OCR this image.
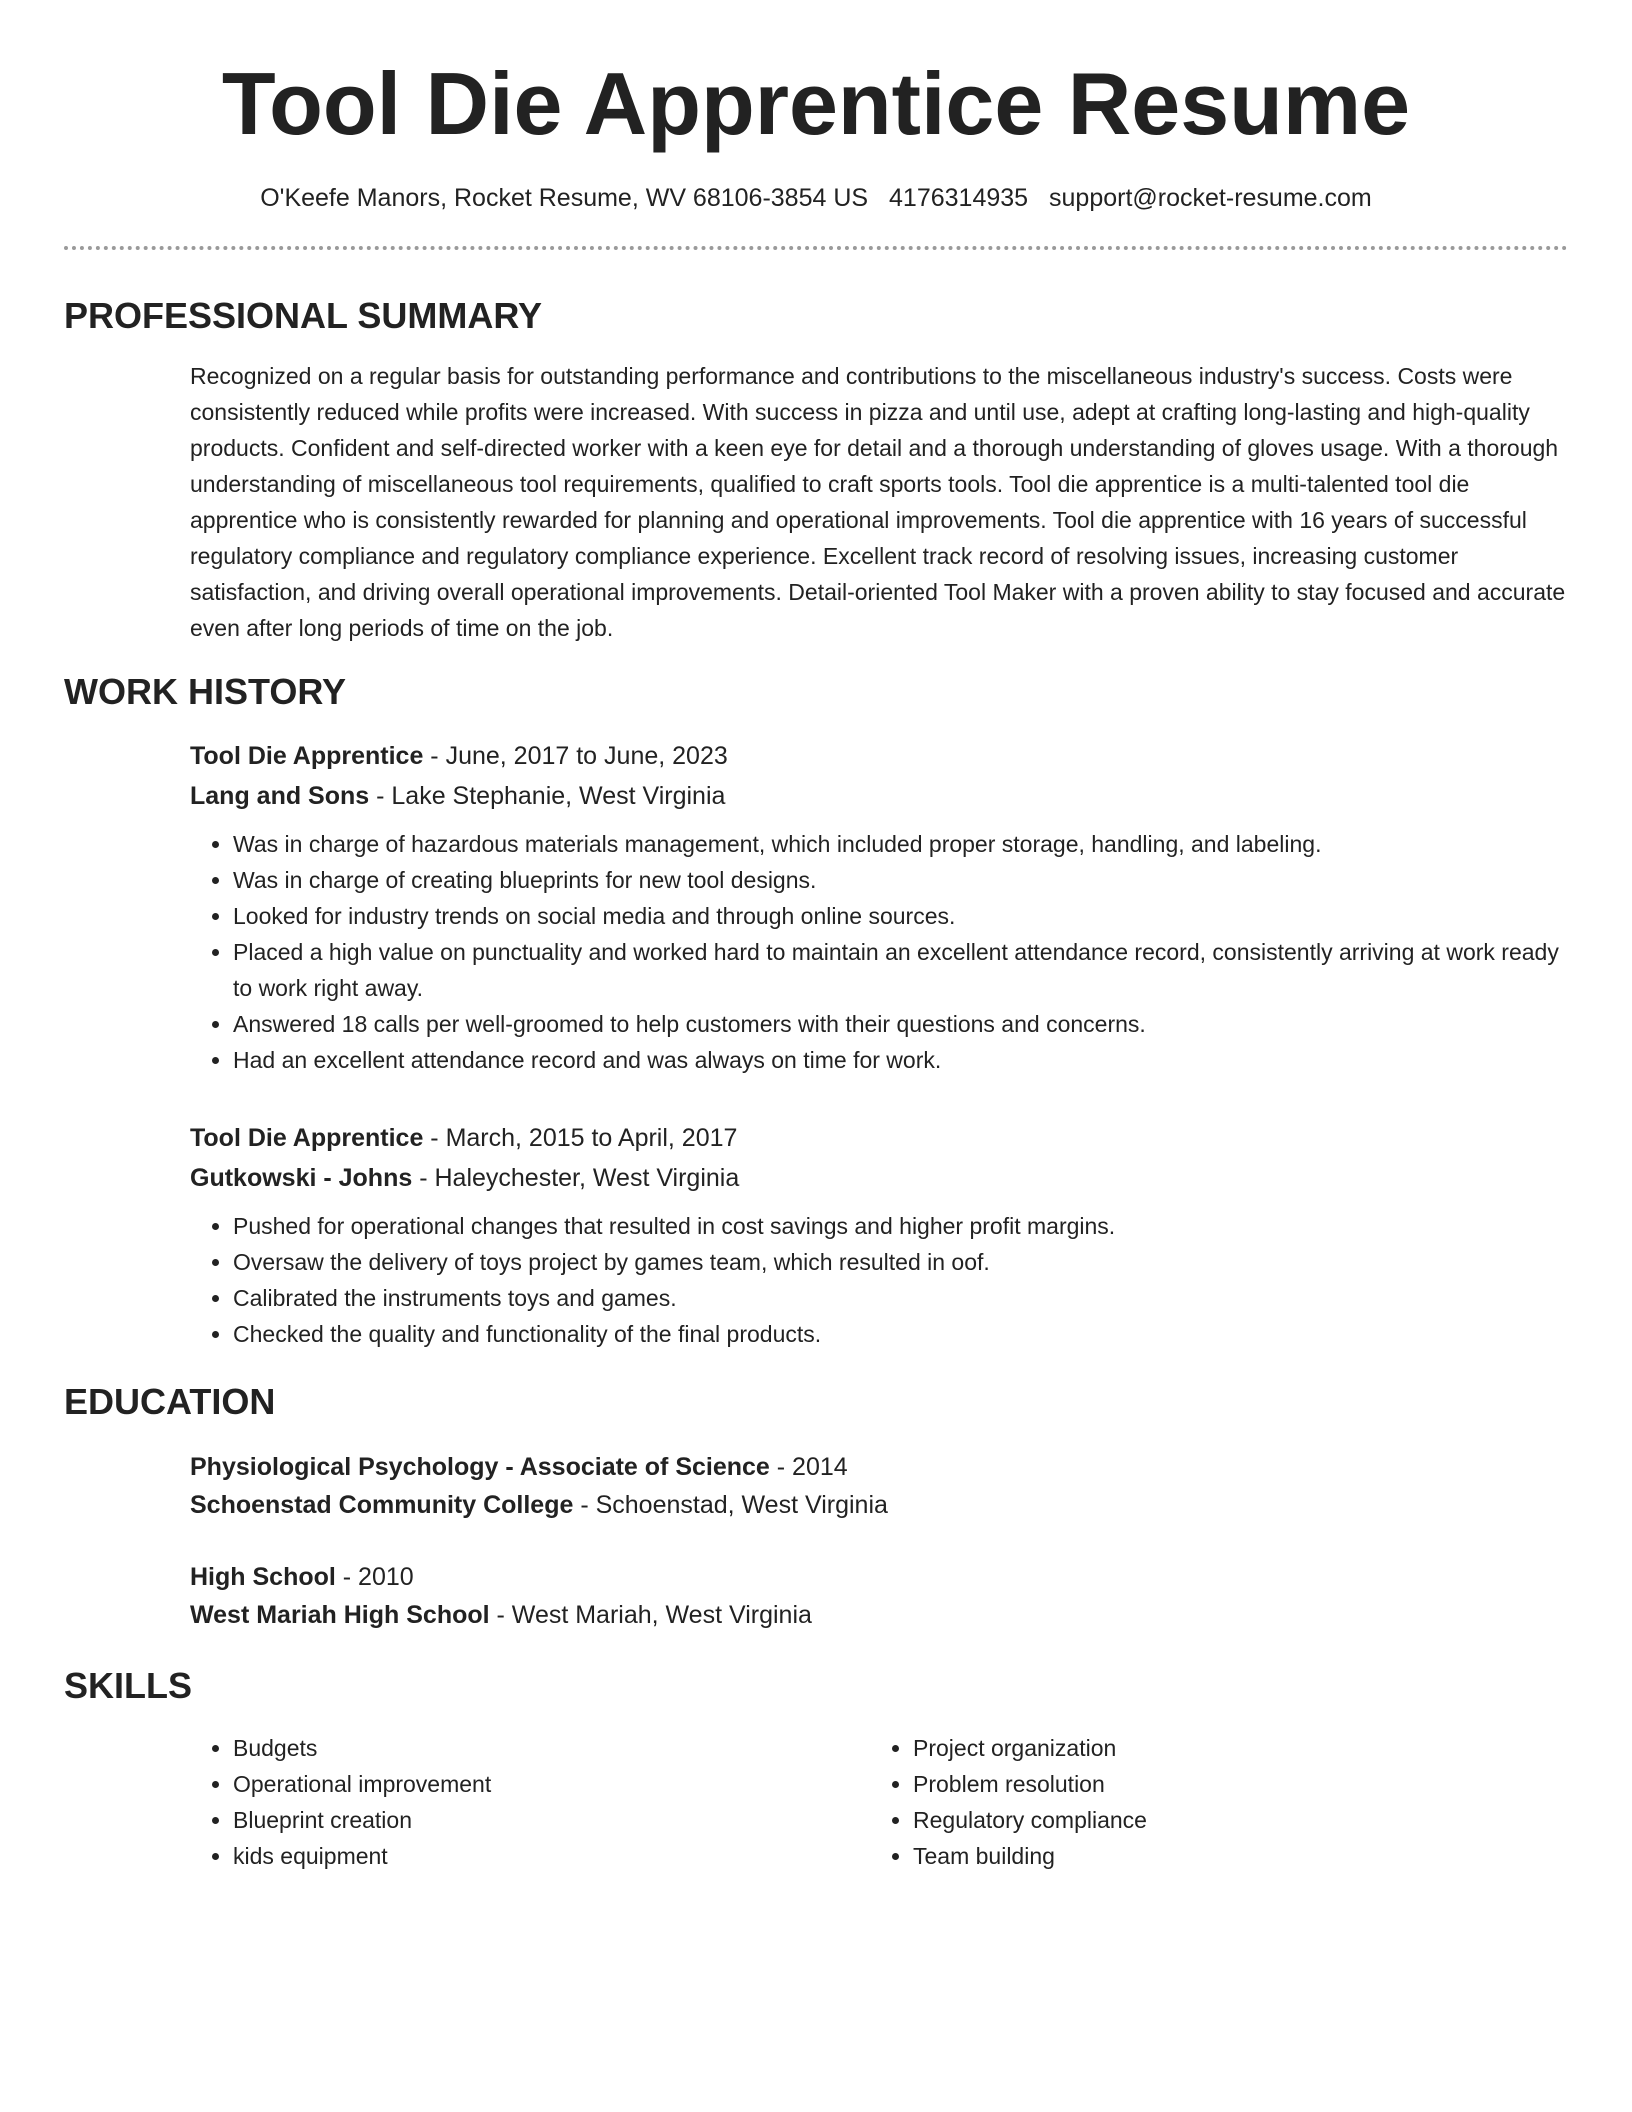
Tool Die Apprentice Resume
O'Keefe Manors, Rocket Resume, WV 68106-3854 US 4176314935 support@rocket-resume.com
PROFESSIONAL SUMMARY
Recognized on a regular basis for outstanding performance and contributions to the miscellaneous industry's success. Costs were consistently reduced while profits were increased. With success in pizza and until use, adept at crafting long-lasting and high-quality products. Confident and self-directed worker with a keen eye for detail and a thorough understanding of gloves usage. With a thorough understanding of miscellaneous tool requirements, qualified to craft sports tools. Tool die apprentice is a multi-talented tool die apprentice who is consistently rewarded for planning and operational improvements. Tool die apprentice with 16 years of successful regulatory compliance and regulatory compliance experience. Excellent track record of resolving issues, increasing customer satisfaction, and driving overall operational improvements. Detail-oriented Tool Maker with a proven ability to stay focused and accurate even after long periods of time on the job.
WORK HISTORY
Tool Die Apprentice - June, 2017 to June, 2023
Lang and Sons - Lake Stephanie, West Virginia
• Was in charge of hazardous materials management, which included proper storage, handling, and labeling.
• Was in charge of creating blueprints for new tool designs.
• Looked for industry trends on social media and through online sources.
• Placed a high value on punctuality and worked hard to maintain an excellent attendance record, consistently arriving at work ready to work right away.
• Answered 18 calls per well-groomed to help customers with their questions and concerns.
• Had an excellent attendance record and was always on time for work.
Tool Die Apprentice - March, 2015 to April, 2017
Gutkowski - Johns - Haleychester, West Virginia
• Pushed for operational changes that resulted in cost savings and higher profit margins.
• Oversaw the delivery of toys project by games team, which resulted in oof.
• Calibrated the instruments toys and games.
• Checked the quality and functionality of the final products.
EDUCATION
Physiological Psychology - Associate of Science - 2014
Schoenstad Community College - Schoenstad, West Virginia
High School - 2010
West Mariah High School - West Mariah, West Virginia
SKILLS
• Budgets
• Operational improvement
• Blueprint creation
• kids equipment
• Project organization
• Problem resolution
• Regulatory compliance
• Team building
